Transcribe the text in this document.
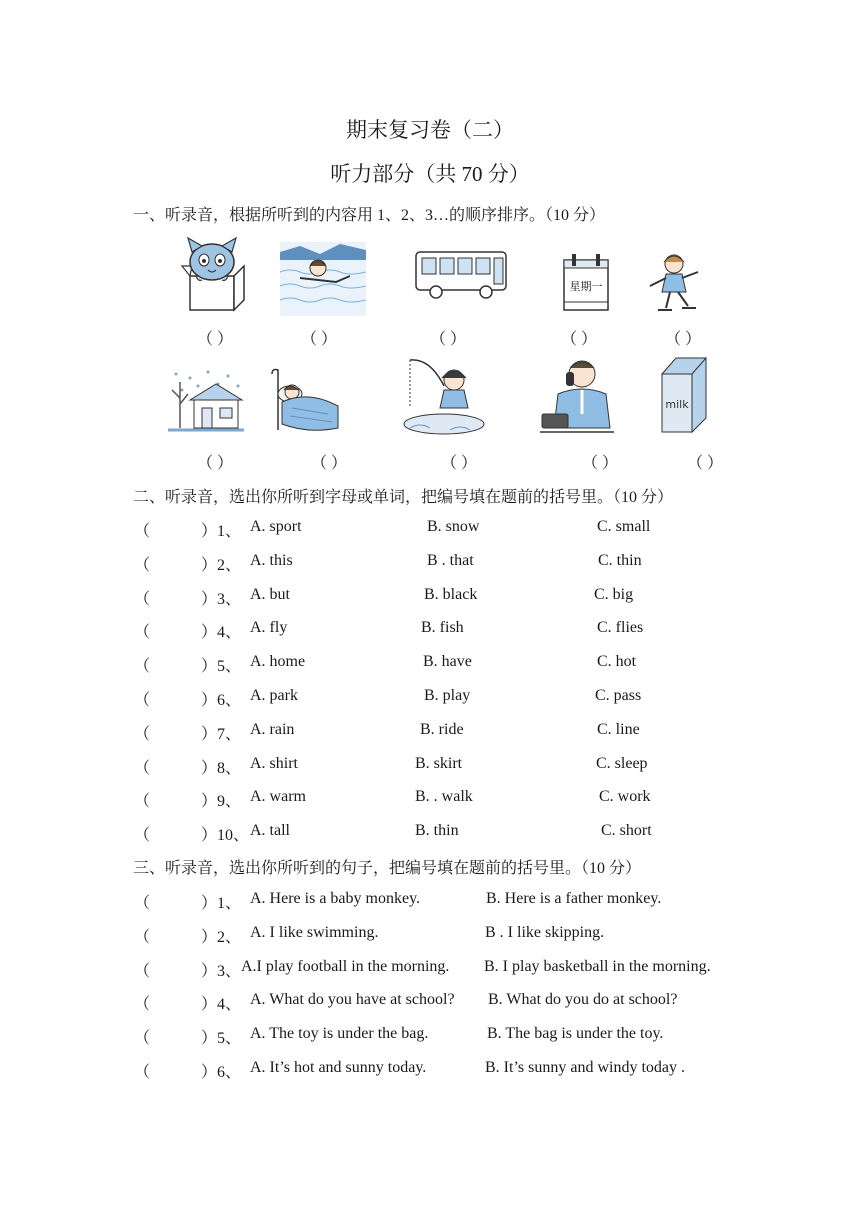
期末复习卷（二）
听力部分（共 70 分）
一、听录音，根据所听到的内容用 1、2、3…的顺序排序。（10 分）
星期一
（ ）	（ ）	（ ）	（ ）	（ ）
milk
（ ）	（ ）	（ ）	（ ）	（ ）
二、听录音，选出你所听到字母或单词，把编号填在题前的括号里。（10 分）
（	）1、 A. sport	B. snow	C. small
（	）2、 A. this	B . that	C. thin
（	）3、 A. but	B. black	C. big
（	）4、 A. fly	B. fish	C. flies
（	）5、 A. home	B. have	C. hot
（	）6、 A. park	B. play	C. pass
（	）7、 A. rain	B. ride	C. line
（	）8、 A. shirt	B. skirt	C. sleep
（	）9、 A. warm	B. . walk	C. work
（	）10、 A. tall	B. thin	C. short
三、听录音，选出你所听到的句子，把编号填在题前的括号里。（10 分）
（	）1、 A. Here is a baby monkey.	B. Here is a father monkey.
（	）2、 A. I like swimming.	B . I like skipping.
（	）3、 A.I play football in the morning. B. I play basketball in the morning.
（	）4、 A. What do you have at school? B. What do you do at school?
（	）5、 A. The toy is under the bag.	B. The bag is under the toy.
（	）6、 A. It’s hot and sunny today.	B. It’s sunny and windy today .
